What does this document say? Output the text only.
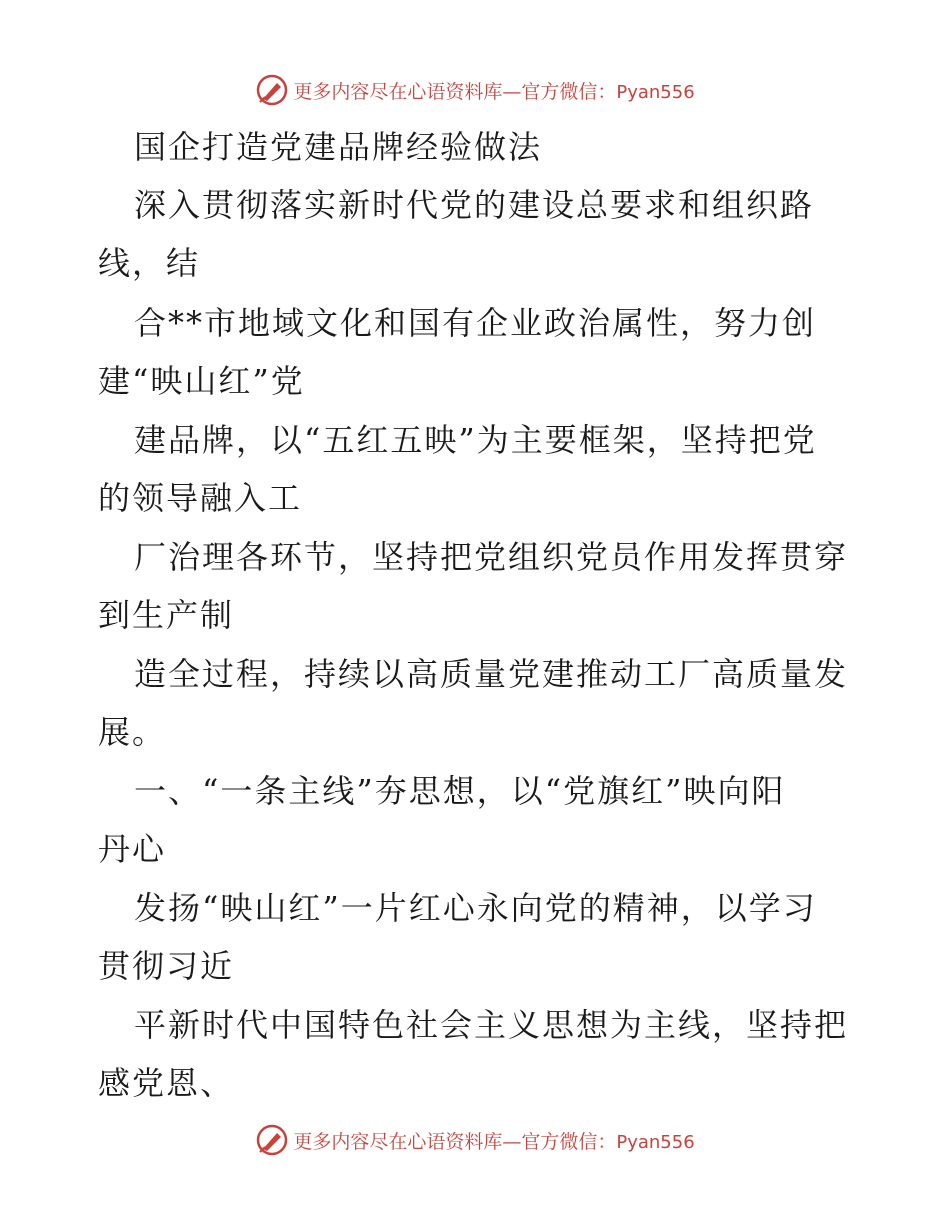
更多内容尽在心语资料库—官方微信：Pyan556
国企打造党建品牌经验做法
深入贯彻落实新时代党的建设总要求和组织路
线，结
合**市地域文化和国有企业政治属性，努力创
建“映山红”党
建品牌，以“五红五映”为主要框架，坚持把党
的领导融入工
厂治理各环节，坚持把党组织党员作用发挥贯穿
到生产制
造全过程，持续以高质量党建推动工厂高质量发
展。
一、“一条主线”夯思想，以“党旗红”映向阳
丹心
发扬“映山红”一片红心永向党的精神，以学习
贯彻习近
平新时代中国特色社会主义思想为主线，坚持把
感党恩、
更多内容尽在心语资料库—官方微信：Pyan556
